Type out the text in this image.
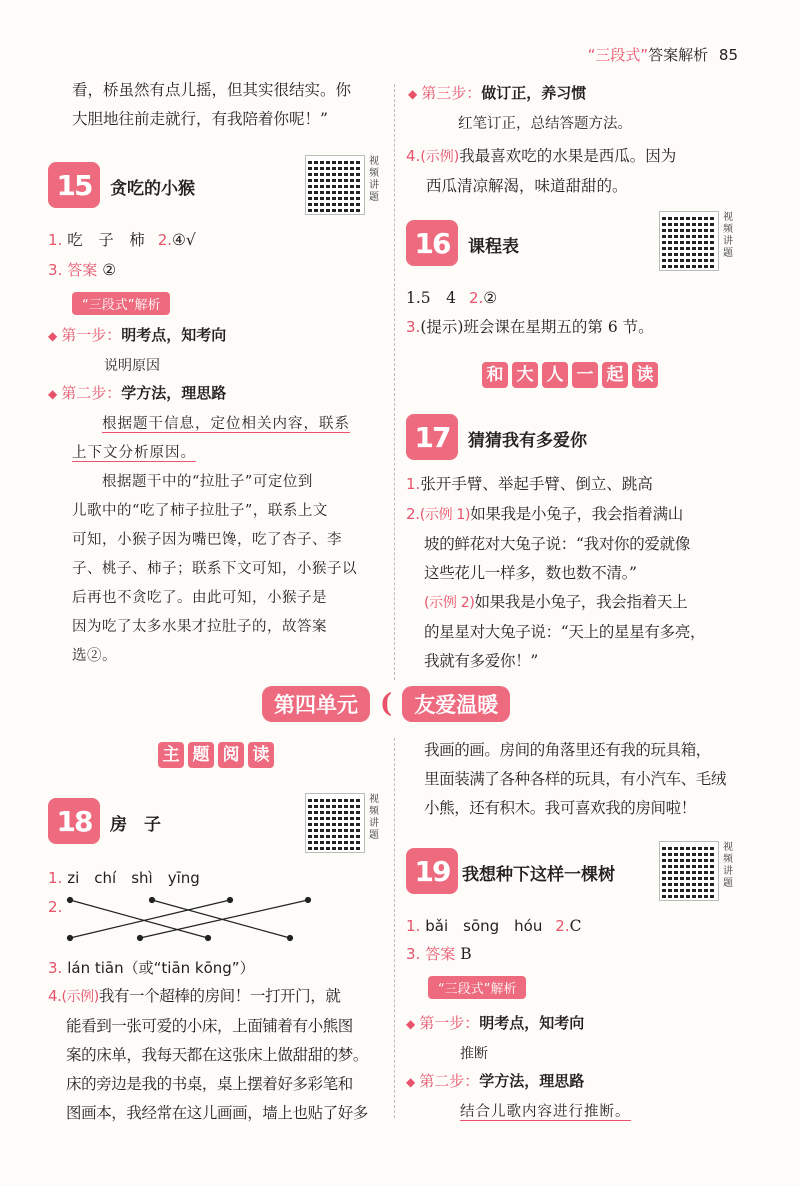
“三段式”答案解析 85
看，桥虽然有点儿摇，但其实很结实。你
大胆地往前走就行，有我陪着你呢！”
15	贪吃的小猴
视频讲题
1. 吃　子　柿 2.④√
3. 答案 ②
“三段式”解析
◆ 第一步：明考点，知考向
说明原因
◆ 第二步：学方法，理思路
根据题干信息，定位相关内容，联系
上下文分析原因。
根据题干中的“拉肚子”可定位到
儿歌中的“吃了柿子拉肚子”，联系上文
可知，小猴子因为嘴巴馋，吃了杏子、李
子、桃子、柿子；联系下文可知，小猴子以
后再也不贪吃了。由此可知，小猴子是
因为吃了太多水果才拉肚子的，故答案
选②。
◆ 第三步：做订正，养习惯
红笔订正，总结答题方法。
4.(示例)我最喜欢吃的水果是西瓜。因为
西瓜清凉解渴，味道甜甜的。
16	课程表
视频讲题
1.5　4 2.②
3.(提示)班会课在星期五的第 6 节。
和 大 人 一 起 读
17	猜猜我有多爱你
1.张开手臂、举起手臂、倒立、跳高
2.(示例 1)如果我是小兔子，我会指着满山
坡的鲜花对大兔子说：“我对你的爱就像
这些花儿一样多，数也数不清。”
(示例 2)如果我是小兔子，我会指着天上
的星星对大兔子说：“天上的星星有多亮，
我就有多爱你！”
第四单元 (	友爱温暖
主 题 阅 读
18	房　子
视频讲题
1. zi　chí　shì　yīng
2.
3. lán tiān（或“tiān kōng”）
4.(示例)我有一个超棒的房间！一打开门，就
能看到一张可爱的小床，上面铺着有小熊图
案的床单，我每天都在这张床上做甜甜的梦。
床的旁边是我的书桌，桌上摆着好多彩笔和
图画本，我经常在这儿画画，墙上也贴了好多
我画的画。房间的角落里还有我的玩具箱，
里面装满了各种各样的玩具，有小汽车、毛绒
小熊，还有积木。我可喜欢我的房间啦！
19 我想种下这样一棵树
视频讲题
1. bǎi　sōng　hóu 2.C
3. 答案 B
“三段式”解析
◆ 第一步：明考点，知考向
推断
◆ 第二步：学方法，理思路
结合儿歌内容进行推断。
